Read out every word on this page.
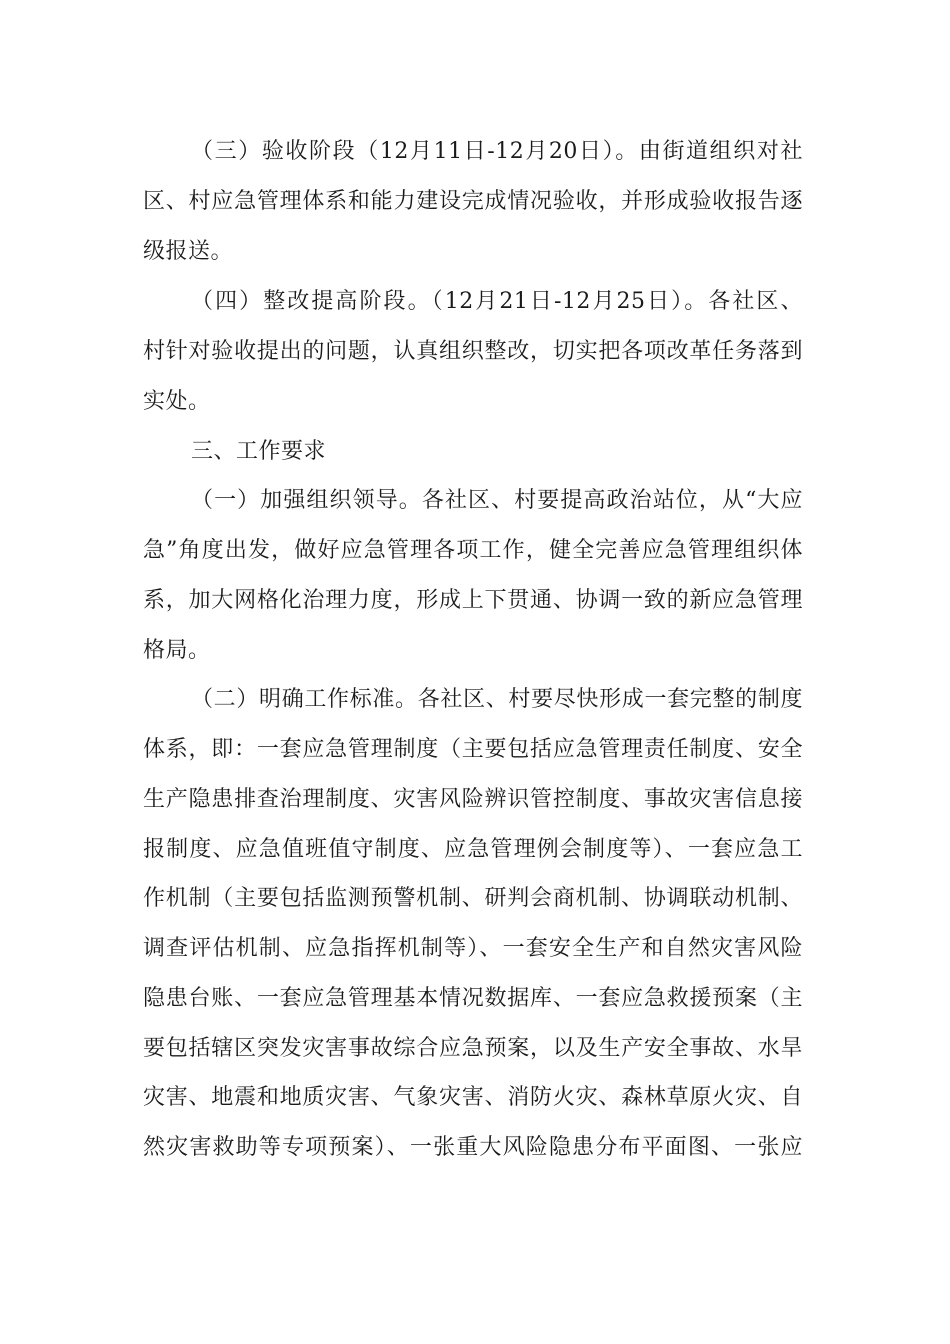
（三）验收阶段（12月11日-12月20日）。由街道组织对社
区、村应急管理体系和能力建设完成情况验收，并形成验收报告逐
级报送。
（四）整改提高阶段。（12月21日-12月25日）。各社区、
村针对验收提出的问题，认真组织整改，切实把各项改革任务落到
实处。
三、工作要求
（一）加强组织领导。各社区、村要提高政治站位，从“大应
急”角度出发，做好应急管理各项工作，健全完善应急管理组织体
系，加大网格化治理力度，形成上下贯通、协调一致的新应急管理
格局。
（二）明确工作标准。各社区、村要尽快形成一套完整的制度
体系，即：一套应急管理制度（主要包括应急管理责任制度、安全
生产隐患排查治理制度、灾害风险辨识管控制度、事故灾害信息接
报制度、应急值班值守制度、应急管理例会制度等）、一套应急工
作机制（主要包括监测预警机制、研判会商机制、协调联动机制、
调查评估机制、应急指挥机制等）、一套安全生产和自然灾害风险
隐患台账、一套应急管理基本情况数据库、一套应急救援预案（主
要包括辖区突发灾害事故综合应急预案，以及生产安全事故、水旱
灾害、地震和地质灾害、气象灾害、消防火灾、森林草原火灾、自
然灾害救助等专项预案）、一张重大风险隐患分布平面图、一张应
